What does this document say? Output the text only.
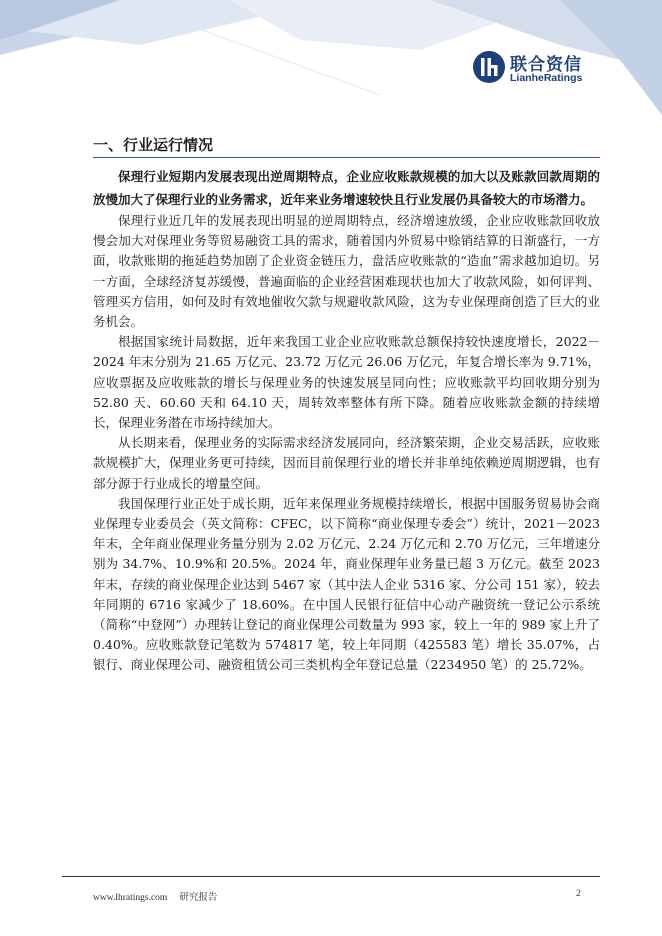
联合资信
LianheRatings
一、行业运行情况

保理行业短期内发展表现出逆周期特点，企业应收账款规模的加大以及账款回款周期的放慢加大了保理行业的业务需求，近年来业务增速较快且行业发展仍具备较大的市场潜力。

保理行业近几年的发展表现出明显的逆周期特点，经济增速放缓，企业应收账款回收放慢会加大对保理业务等贸易融资工具的需求，随着国内外贸易中赊销结算的日渐盛行，一方面，收款账期的拖延趋势加剧了企业资金链压力，盘活应收账款的“造血”需求越加迫切。另一方面，全球经济复苏缓慢，普遍面临的企业经营困难现状也加大了收款风险，如何评判、管理买方信用，如何及时有效地催收欠款与规避收款风险，这为专业保理商创造了巨大的业务机会。

根据国家统计局数据，近年来我国工业企业应收账款总额保持较快速度增长，2022－2024 年末分别为 21.65 万亿元、23.72 万亿元 26.06 万亿元，年复合增长率为 9.71%，应收票据及应收账款的增长与保理业务的快速发展呈同向性；应收账款平均回收期分别为 52.80 天、60.60 天和 64.10 天，周转效率整体有所下降。随着应收账款金额的持续增长，保理业务潜在市场持续加大。

从长期来看，保理业务的实际需求经济发展同向，经济繁荣期，企业交易活跃，应收账款规模扩大，保理业务更可持续，因而目前保理行业的增长并非单纯依赖逆周期逻辑，也有部分源于行业成长的增量空间。

我国保理行业正处于成长期，近年来保理业务规模持续增长，根据中国服务贸易协会商业保理专业委员会（英文简称：CFEC，以下简称“商业保理专委会”）统计，2021－2023 年末，全年商业保理业务量分别为 2.02 万亿元、2.24 万亿元和 2.70 万亿元，三年增速分别为 34.7%、10.9%和 20.5%。2024 年，商业保理年业务量已超 3 万亿元。截至 2023 年末，存续的商业保理企业达到 5467 家（其中法人企业 5316 家、分公司 151 家），较去年同期的 6716 家减少了 18.60%。在中国人民银行征信中心动产融资统一登记公示系统（简称“中登网”）办理转让登记的商业保理公司数量为 993 家，较上一年的 989 家上升了 0.40%。应收账款登记笔数为 574817 笔，较上年同期（425583 笔）增长 35.07%，占银行、商业保理公司、融资租赁公司三类机构全年登记总量（2234950 笔）的 25.72%。

www.lhratings.com 研究报告	2
